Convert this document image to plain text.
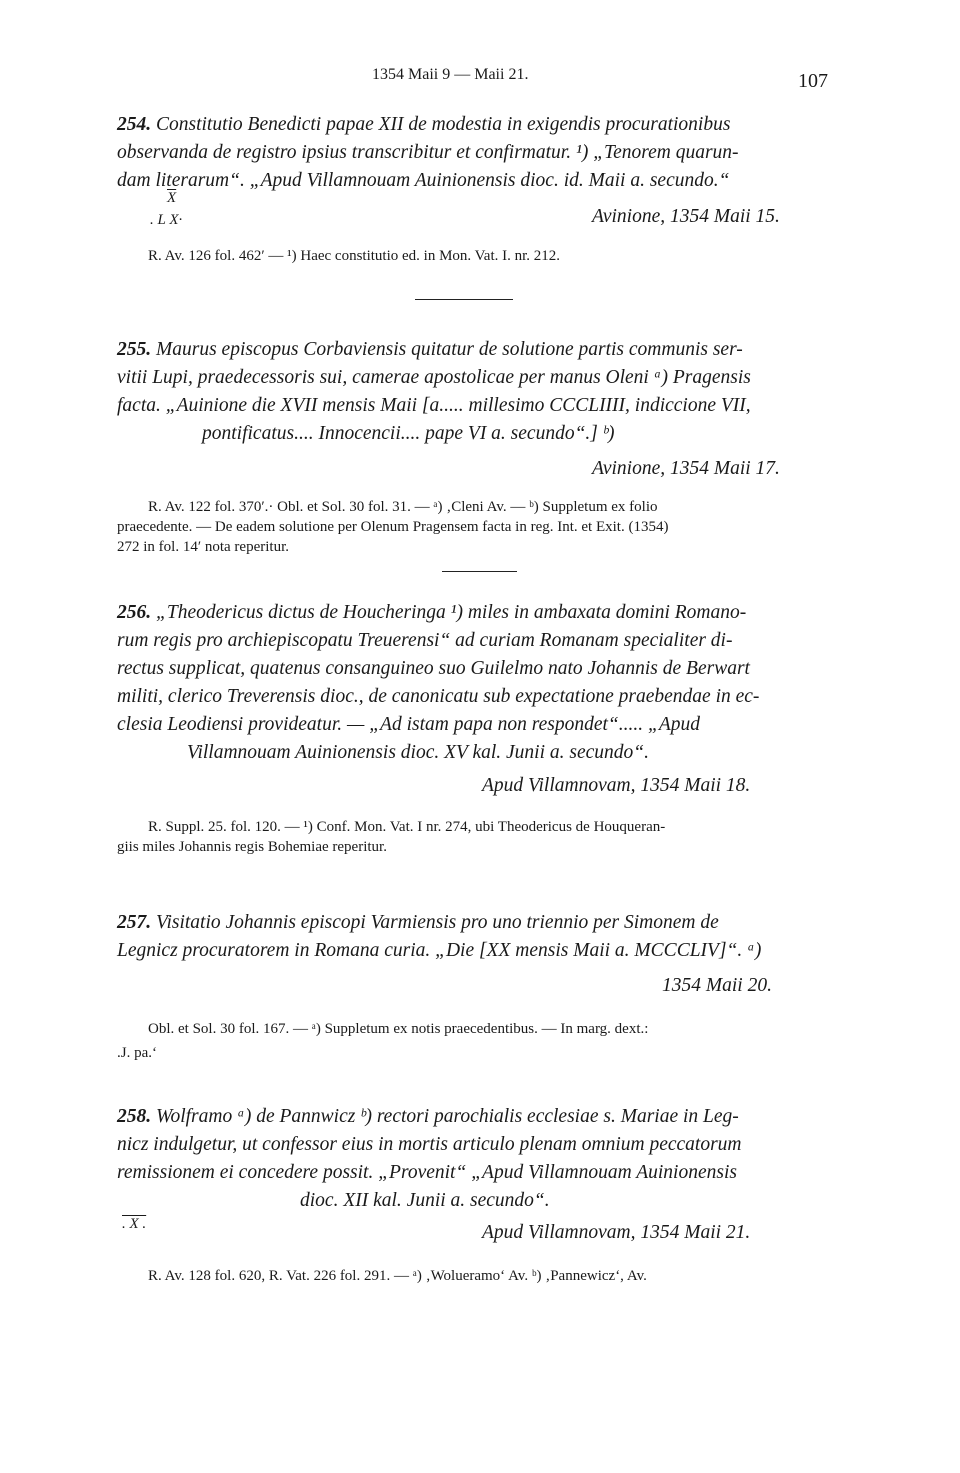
1354 Maii 9 — Maii 21.	107
254. Constitutio Benedicti papae XII de modestia in exigendis procurationibus
observanda de registro ipsius transcribitur et confirmatur. ¹) „Tenorem quarun-
dam literarum“. „Apud Villamnouam Auinionensis dioc. id. Maii a. secundo.“
$\overline{X}$
. L X·	Avinione, 1354 Maii 15.
R. Av. 126 fol. 462′ — ¹) Haec constitutio ed. in Mon. Vat. I. nr. 212.
255. Maurus episcopus Corbaviensis quitatur de solutione partis communis ser-
vitii Lupi, praedecessoris sui, camerae apostolicae per manus Oleni ᵃ) Pragensis
facta. „Auinione die XVII mensis Maii [a..... millesimo CCCLIIII, indiccione VII,
pontificatus.... Innocencii.... pape VI a. secundo“.] ᵇ)
Avinione, 1354 Maii 17.
R. Av. 122 fol. 370′.· Obl. et Sol. 30 fol. 31. — ᵃ) ‚Cleni Av. — ᵇ) Suppletum ex folio
praecedente. — De eadem solutione per Olenum Pragensem facta in reg. Int. et Exit. (1354)
272 in fol. 14′ nota reperitur.
256. „Theodericus dictus de Houcheringa ¹) miles in ambaxata domini Romano-
rum regis pro archiepiscopatu Treuerensi“ ad curiam Romanam specialiter di-
rectus supplicat, quatenus consanguineo suo Guilelmo nato Johannis de Berwart
militi, clerico Treverensis dioc., de canonicatu sub expectatione praebendae in ec-
clesia Leodiensi provideatur. — „Ad istam papa non respondet“..... „Apud
Villamnouam Auinionensis dioc. XV kal. Junii a. secundo“.
Apud Villamnovam, 1354 Maii 18.
R. Suppl. 25. fol. 120. — ¹) Conf. Mon. Vat. I nr. 274, ubi Theodericus de Houqueran-
giis miles Johannis regis Bohemiae reperitur.
257. Visitatio Johannis episcopi Varmiensis pro uno triennio per Simonem de
Legnicz procuratorem in Romana curia. „Die [XX mensis Maii a. MCCCLIV]“. ᵃ)
1354 Maii 20.
Obl. et Sol. 30 fol. 167. — ᵃ) Suppletum ex notis praecedentibus. — In marg. dext.:
.J. pa.‘
258. Wolframo ᵃ) de Pannwicz ᵇ) rectori parochialis ecclesiae s. Mariae in Leg-
nicz indulgetur, ut confessor eius in mortis articulo plenam omnium peccatorum
remissionem ei concedere possit. „Provenit“ „Apud Villamnouam Auinionensis
dioc. XII kal. Junii a. secundo“.
. X .	Apud Villamnovam, 1354 Maii 21.
R. Av. 128 fol. 620, R. Vat. 226 fol. 291. — ᵃ) ‚Wolueramo‘ Av. ᵇ) ‚Pannewicz‘, Av.
